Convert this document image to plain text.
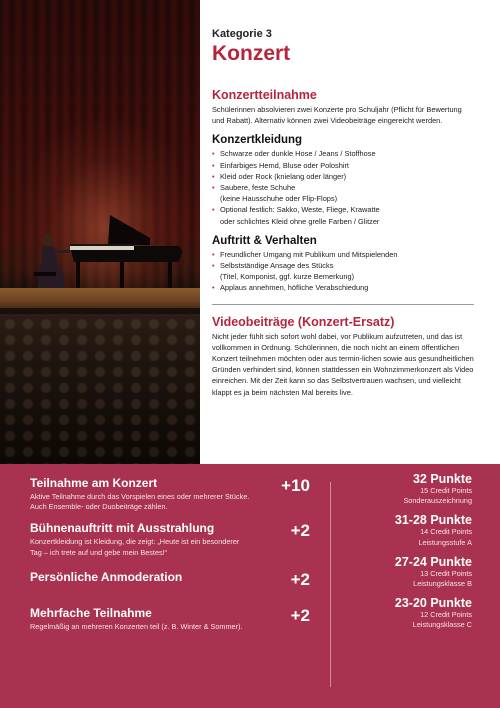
Kategorie 3
Konzert
Konzertteilnahme
Schülerinnen absolvieren zwei Konzerte pro Schuljahr (Pflicht für Bewertung und Rabatt). Alternativ können zwei Videobeiträge eingereicht werden.
Konzertkleidung
• Schwarze oder dunkle Hose / Jeans / Stoffhose
• Einfarbiges Hemd, Bluse oder Poloshirt
• Kleid oder Rock (knielang oder länger)
• Saubere, feste Schuhe
(keine Hausschuhe oder Flip-Flops)
• Optional festlich: Sakko, Weste, Fliege, Krawatte
oder schlichtes Kleid ohne grelle Farben / Glitzer
Auftritt & Verhalten
• Freundlicher Umgang mit Publikum und Mitspielenden
• Selbstständige Ansage des Stücks
(Titel, Komponist, ggf. kurze Bemerkung)
• Applaus annehmen, höfliche Verabschiedung
Videobeiträge (Konzert-Ersatz)
Nicht jeder fühlt sich sofort wohl dabei, vor Publikum aufzutreten, und das ist vollkommen in Ordnung. Schülerinnen, die noch nicht an einem öffentlichen Konzert teilnehmen möchten oder aus termin-lichen sowie aus gesundheitlichen Gründen verhindert sind, können stattdessen ein Wohnzimmerkonzert als Video einreichen. Mit der Zeit kann so das Selbstvertrauen wachsen, und vielleicht klappt es ja beim nächsten Mal bereits live.
Teilnahme am Konzert	+10
Aktive Teilnahme durch das Vorspielen eines oder mehrerer Stücke. Auch Ensemble- oder Duobeiträge zählen.
Bühnenauftritt mit Ausstrahlung	+2
Konzertkleidung ist Kleidung, die zeigt: „Heute ist ein besonderer Tag – ich trete auf und gebe mein Bestes!“
Persönliche Anmoderation	+2
Mehrfache Teilnahme	+2
Regelmäßig an mehreren Konzerten teil (z. B. Winter & Sommer).
32 Punkte
15 Credit Points
Sonderauszeichnung
31-28 Punkte
14 Credit Points
Leistungsstufe A
27-24 Punkte
13 Credit Points
Leistungsklasse B
23-20 Punkte
12 Credit Points
Leistungsklasse C
